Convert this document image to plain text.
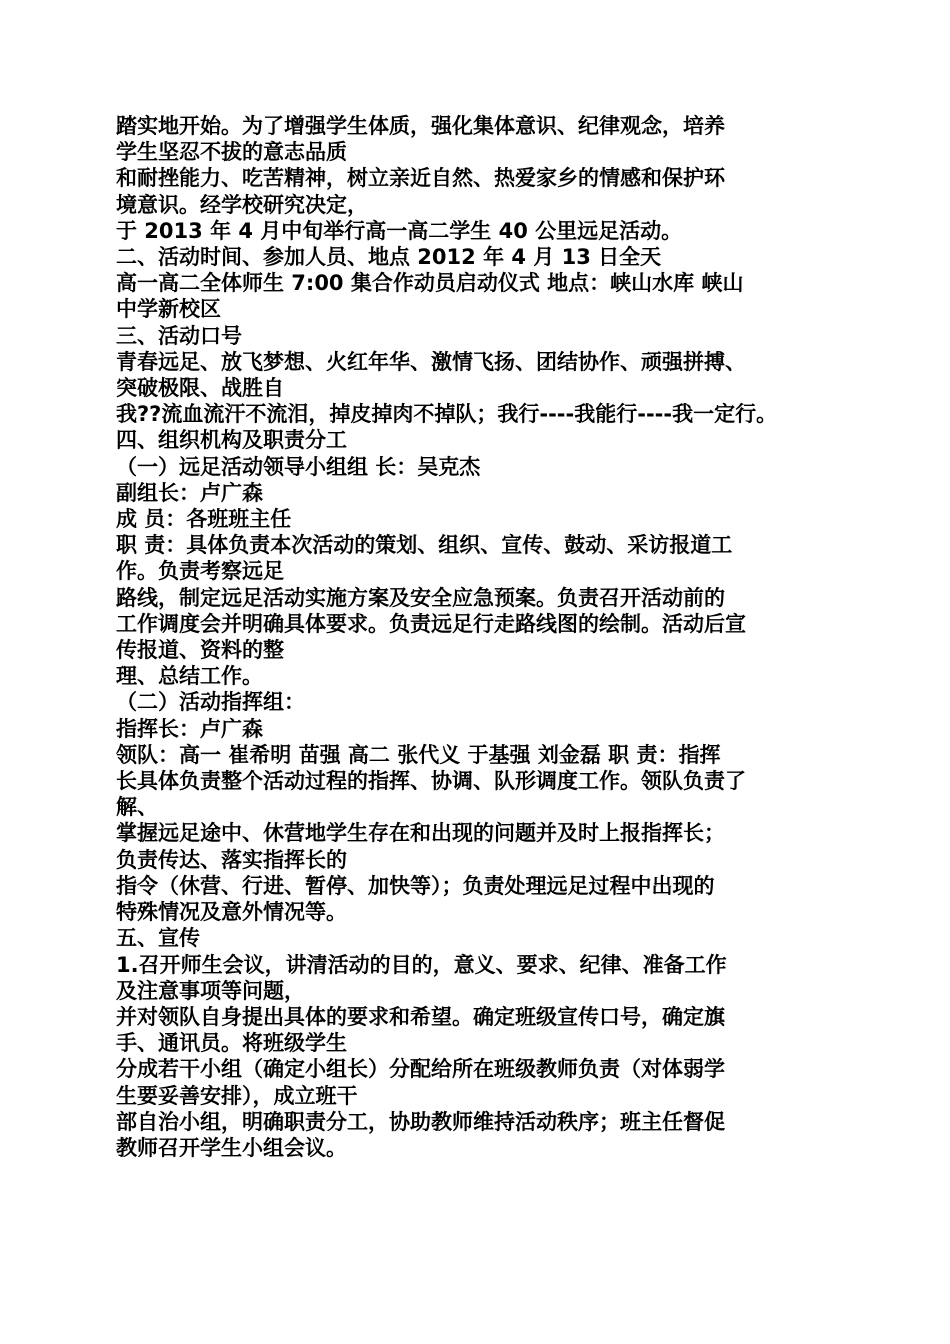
踏实地开始。为了增强学生体质，强化集体意识、纪律观念，培养

学生坚忍不拔的意志品质

和耐挫能力、吃苦精神，树立亲近自然、热爱家乡的情感和保护环

境意识。经学校研究决定，

于 2013 年 4 月中旬举行高一高二学生 40 公里远足活动。

二、活动时间、参加人员、地点 2012 年 4 月 13 日全天

高一高二全体师生 7:00 集合作动员启动仪式 地点：峡山水库 峡山

中学新校区

三、活动口号

青春远足、放飞梦想、火红年华、激情飞扬、团结协作、顽强拼搏、

突破极限、战胜自

我??流血流汗不流泪，掉皮掉肉不掉队；我行----我能行----我一定行。

四、组织机构及职责分工

（一）远足活动领导小组组 长：吴克杰

副组长：卢广森

成 员：各班班主任

职 责：具体负责本次活动的策划、组织、宣传、鼓动、采访报道工

作。负责考察远足

路线，制定远足活动实施方案及安全应急预案。负责召开活动前的

工作调度会并明确具体要求。负责远足行走路线图的绘制。活动后宣

传报道、资料的整

理、总结工作。

（二）活动指挥组：

指挥长：卢广森

领队：高一 崔希明 苗强 高二 张代义 于基强 刘金磊 职 责：指挥

长具体负责整个活动过程的指挥、协调、队形调度工作。领队负责了

解、

掌握远足途中、休营地学生存在和出现的问题并及时上报指挥长；

负责传达、落实指挥长的

指令（休营、行进、暂停、加快等）；负责处理远足过程中出现的

特殊情况及意外情况等。

五、宣传

1.召开师生会议，讲清活动的目的，意义、要求、纪律、准备工作

及注意事项等问题，

并对领队自身提出具体的要求和希望。确定班级宣传口号，确定旗

手、通讯员。将班级学生

分成若干小组（确定小组长）分配给所在班级教师负责（对体弱学

生要妥善安排），成立班干

部自治小组，明确职责分工，协助教师维持活动秩序；班主任督促

教师召开学生小组会议。
